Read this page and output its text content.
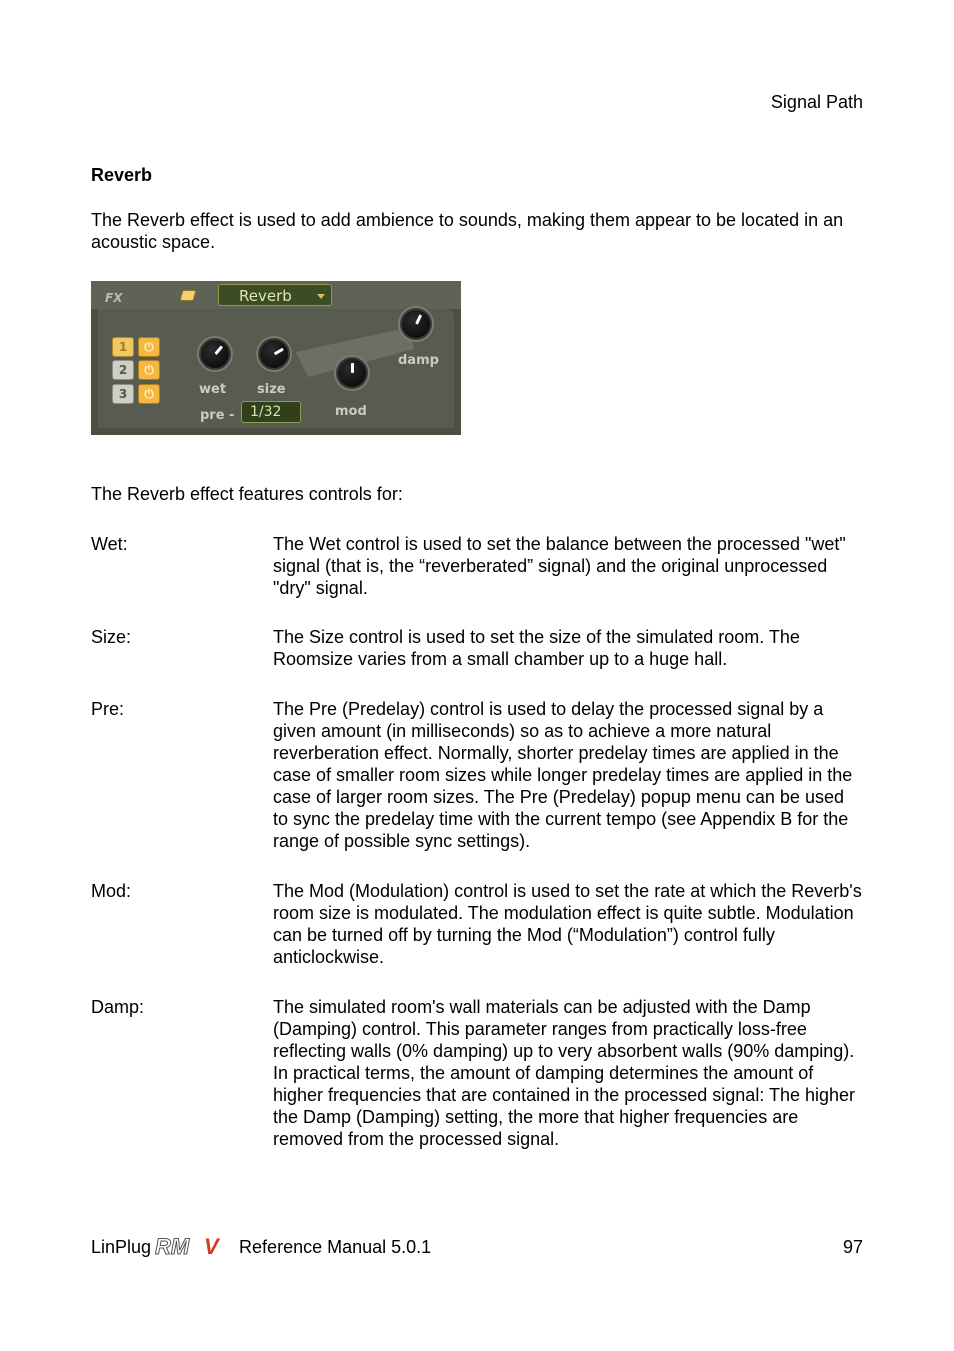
Signal Path
Reverb
The Reverb effect is used to add ambience to sounds, making them appear to be located in an acoustic space.
FX	Reverb
1	⏻
2	⏻
3	⏻	wet size
mod
damp
pre -	1/32
The Reverb effect features controls for:
Wet:	The Wet control is used to set the balance between the processed "wet" signal (that is, the “reverberated” signal) and the original unprocessed "dry" signal.
Size:	The Size control is used to set the size of the simulated room. The Roomsize varies from a small chamber up to a huge hall.
Pre:	The Pre (Predelay) control is used to delay the processed signal by a given amount (in milliseconds) so as to achieve a more natural reverberation effect. Normally, shorter predelay times are applied in the case of smaller room sizes while longer predelay times are applied in the case of larger room sizes. The Pre (Predelay) popup menu can be used to sync the predelay time with the current tempo (see Appendix B for the range of possible sync settings).
Mod:	The Mod (Modulation) control is used to set the rate at which the Reverb's room size is modulated. The modulation effect is quite subtle. Modulation can be turned off by turning the Mod (“Modulation”) control fully anticlockwise.
Damp:	The simulated room's wall materials can be adjusted with the Damp (Damping) control. This parameter ranges from practically loss-free reflecting walls (0% damping) up to very absorbent walls (90% damping). In practical terms, the amount of damping determines the amount of higher frequencies that are contained in the processed signal: The higher the Damp (Damping) setting, the more that higher frequencies are removed from the processed signal.
LinPlug RM V Reference Manual 5.0.1	97
